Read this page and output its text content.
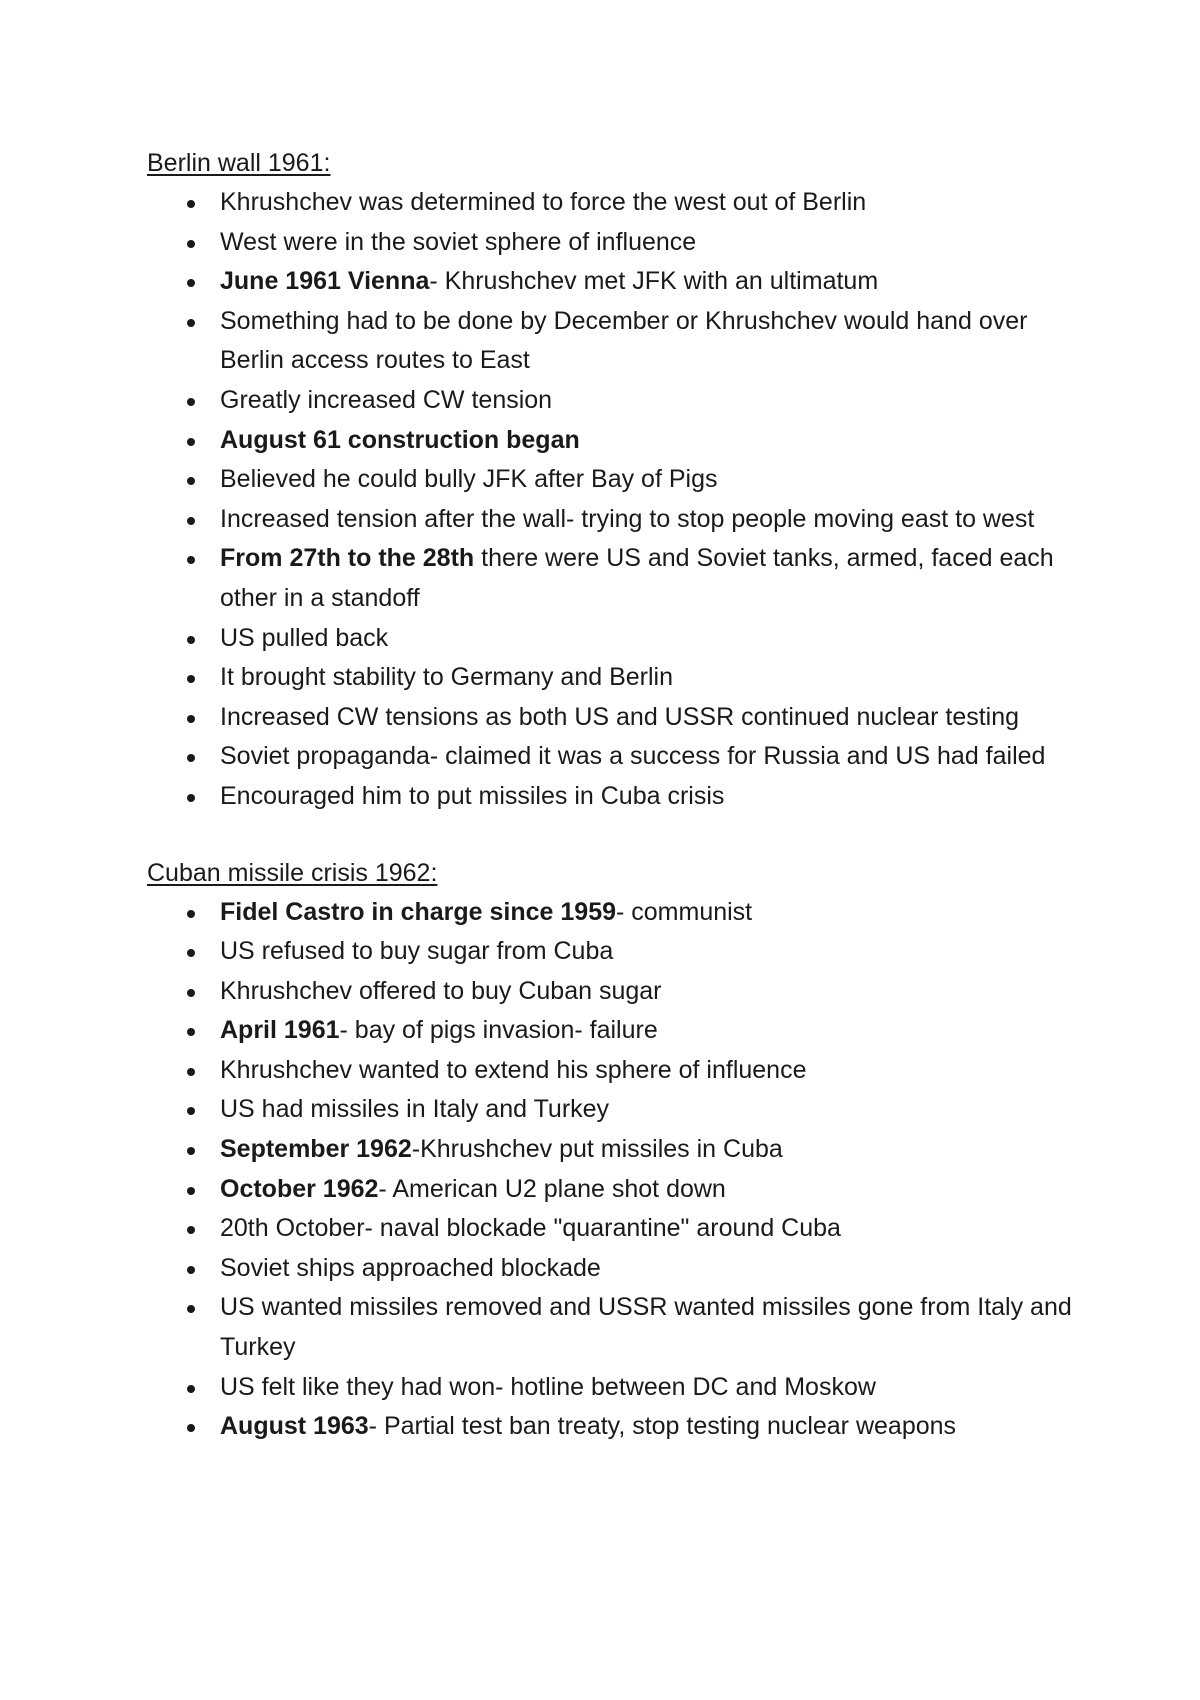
Berlin wall 1961:
Khrushchev was determined to force the west out of Berlin
West were in the soviet sphere of influence
June 1961 Vienna- Khrushchev met JFK with an ultimatum
Something had to be done by December or Khrushchev would hand over Berlin access routes to East
Greatly increased CW tension
August 61 construction began
Believed he could bully JFK after Bay of Pigs
Increased tension after the wall- trying to stop people moving east to west
From 27th to the 28th there were US and Soviet tanks, armed, faced each other in a standoff
US pulled back
It brought stability to Germany and Berlin
Increased CW tensions as both US and USSR continued nuclear testing
Soviet propaganda- claimed it was a success for Russia and US had failed
Encouraged him to put missiles in Cuba crisis
Cuban missile crisis 1962:
Fidel Castro in charge since 1959- communist
US refused to buy sugar from Cuba
Khrushchev offered to buy Cuban sugar
April 1961- bay of pigs invasion- failure
Khrushchev wanted to extend his sphere of influence
US had missiles in Italy and Turkey
September 1962-Khrushchev put missiles in Cuba
October 1962- American U2 plane shot down
20th October- naval blockade "quarantine" around Cuba
Soviet ships approached blockade
US wanted missiles removed and USSR wanted missiles gone from Italy and Turkey
US felt like they had won- hotline between DC and Moskow
August 1963- Partial test ban treaty, stop testing nuclear weapons
